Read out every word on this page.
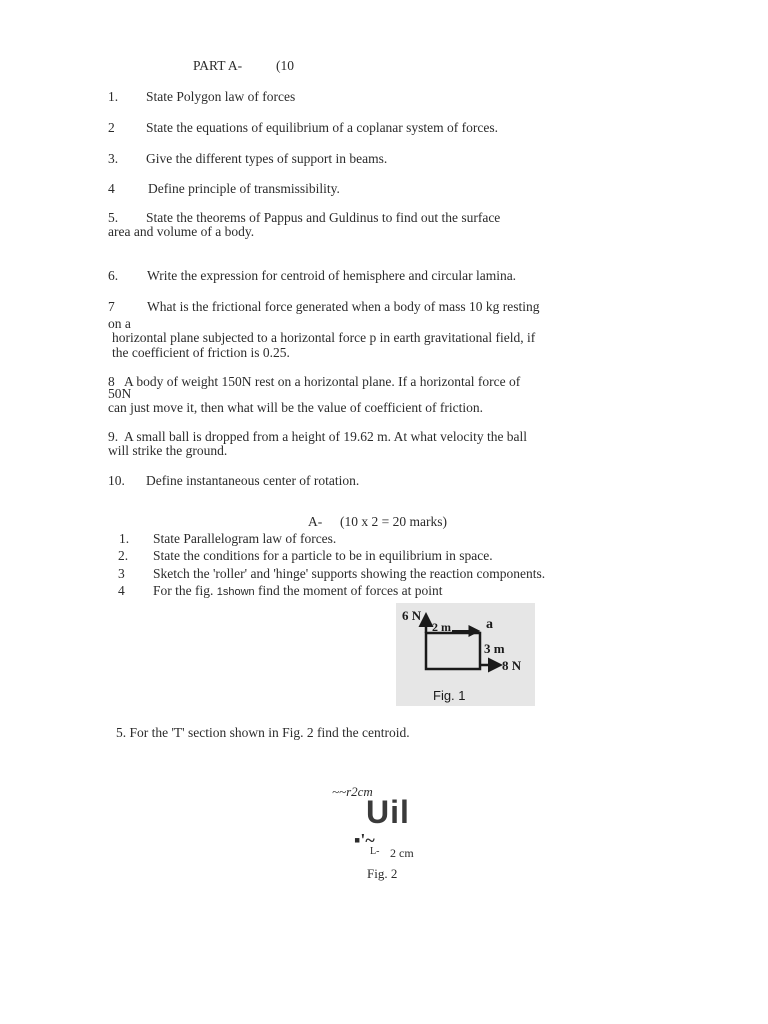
PART A-	(10
1. State Polygon law of forces
2 State the equations of equilibrium of a coplanar system of forces.
3. Give the different types of support in beams.
4 Define principle of transmissibility.
5. State the theorems of Pappus and Guldinus to find out the surface
area and volume of a body.
6. Write the expression for centroid of hemisphere and circular lamina.
7 What is the frictional force generated when a body of mass 10 kg resting
on a
horizontal plane subjected to a horizontal force p in earth gravitational field, if
the coefficient of friction is 0.25.
8 A body of weight 150N rest on a horizontal plane. If a horizontal force of
50N
can just move it, then what will be the value of coefficient of friction.
9. A small ball is dropped from a height of 19.62 m. At what velocity the ball
will strike the ground.
10. Define instantaneous center of rotation.
A- (10 x 2 = 20 marks)
1. State Parallelogram law of forces.
2. State the conditions for a particle to be in equilibrium in space.
3 Sketch the 'roller' and 'hinge' supports showing the reaction components.
4 For the fig. 1shown find the moment of forces at point
6 N
2 m	a
3 m
8 N
Fig. 1
5. For the 'T' section shown in Fig. 2 find the centroid.
~~r2cm
Uil
▪'~
L- 2 cm
Fig. 2
